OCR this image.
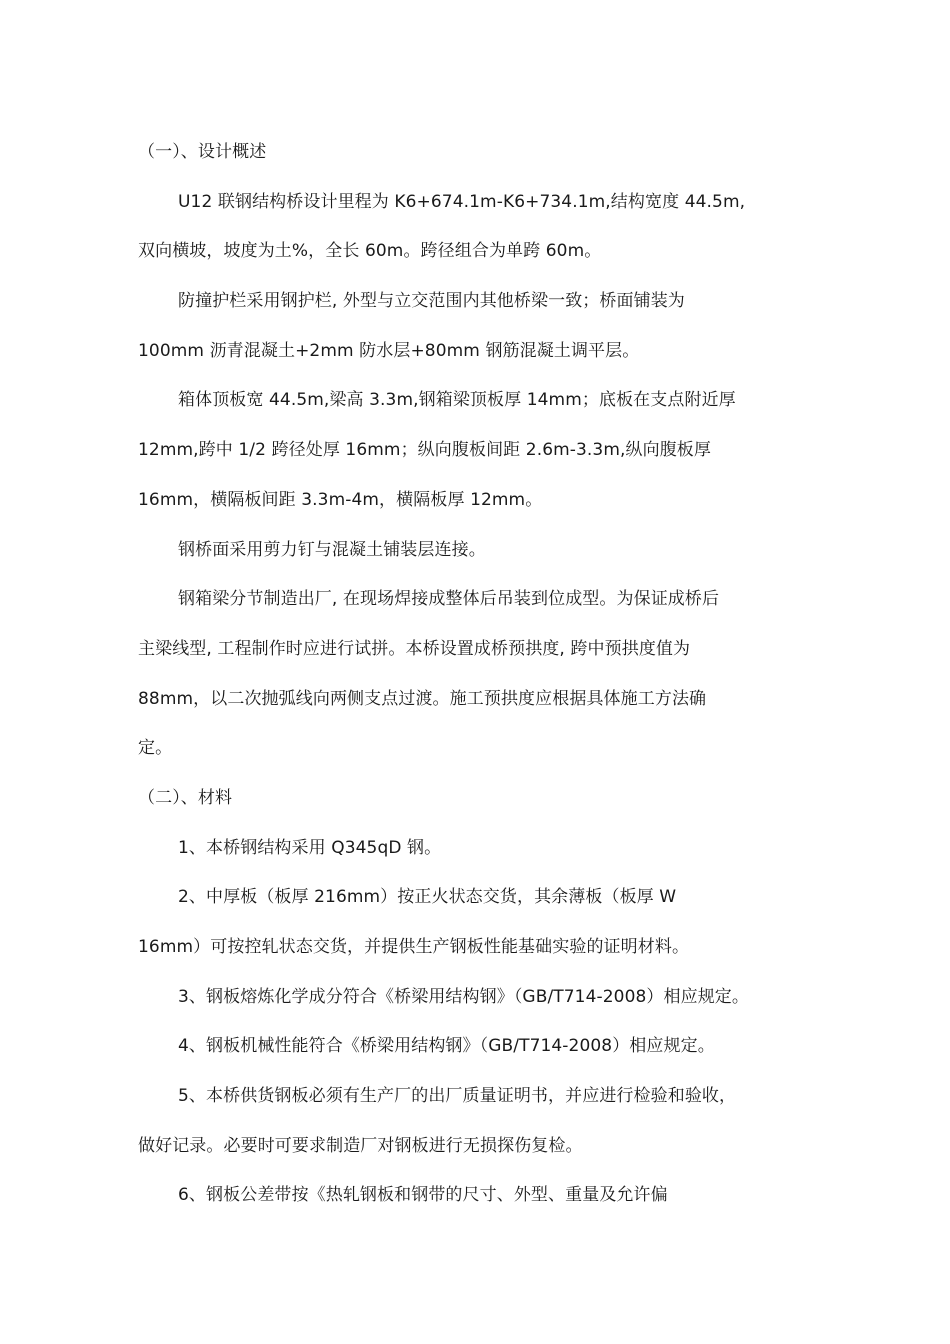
（一）、设计概述
U12 联钢结构桥设计里程为 K6+674.1m-K6+734.1m,结构宽度 44.5m,
双向横坡，坡度为土%，全长 60m。跨径组合为单跨 60m。
防撞护栏采用钢护栏, 外型与立交范围内其他桥梁一致；桥面铺装为
100mm 沥青混凝土+2mm 防水层+80mm 钢筋混凝土调平层。
箱体顶板宽 44.5m,梁高 3.3m,钢箱梁顶板厚 14mm；底板在支点附近厚
12mm,跨中 1/2 跨径处厚 16mm；纵向腹板间距 2.6m-3.3m,纵向腹板厚
16mm，横隔板间距 3.3m-4m，横隔板厚 12mm。
钢桥面采用剪力钉与混凝土铺装层连接。
钢箱梁分节制造出厂, 在现场焊接成整体后吊装到位成型。为保证成桥后
主梁线型, 工程制作时应进行试拼。本桥设置成桥预拱度, 跨中预拱度值为
88mm，以二次抛弧线向两侧支点过渡。施工预拱度应根据具体施工方法确
定。
（二）、材料
1、本桥钢结构采用 Q345qD 钢。
2、中厚板（板厚 216mm）按正火状态交货，其余薄板（板厚 W
16mm）可按控轧状态交货，并提供生产钢板性能基础实验的证明材料。
3、钢板熔炼化学成分符合《桥梁用结构钢》（GB/T714-2008）相应规定。
4、钢板机械性能符合《桥梁用结构钢》（GB/T714-2008）相应规定。
5、本桥供货钢板必须有生产厂的出厂质量证明书，并应进行检验和验收，
做好记录。必要时可要求制造厂对钢板进行无损探伤复检。
6、钢板公差带按《热轧钢板和钢带的尺寸、外型、重量及允许偏
